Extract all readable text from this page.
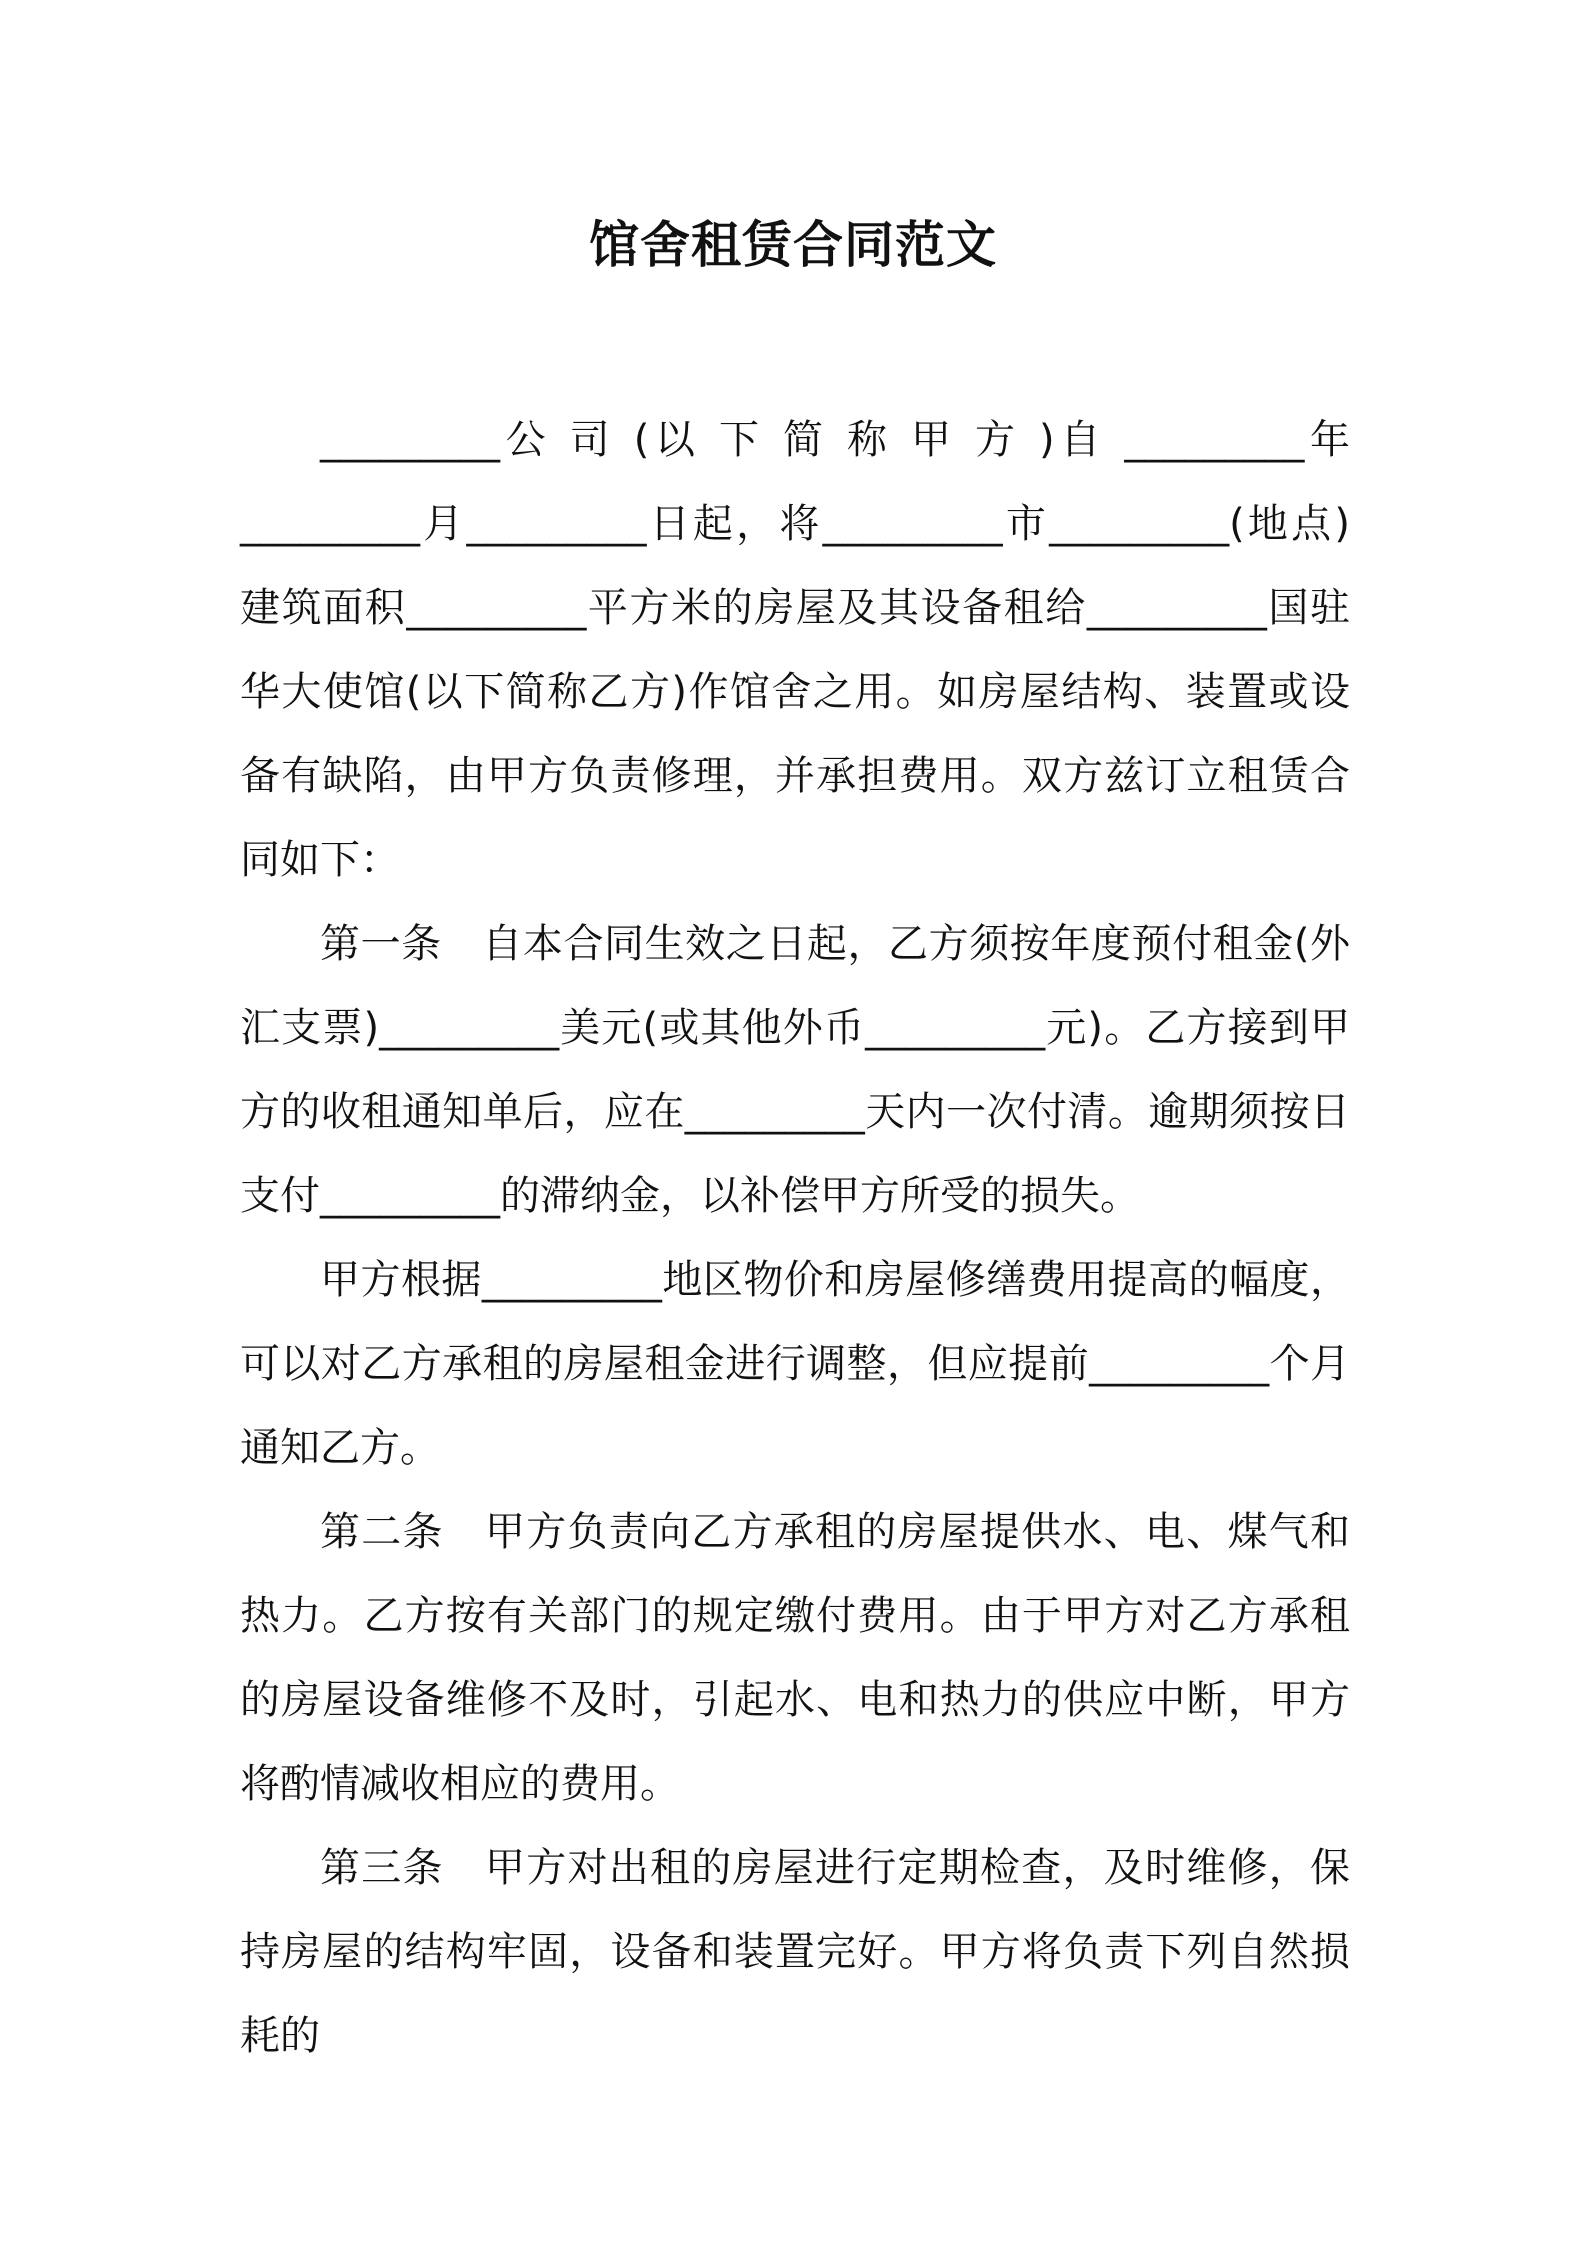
馆舍租赁合同范文

_________公 司 (以 下 简 称 甲 方 )自 _________年_________月_________日起，将_________市_________(地点)建筑面积_________平方米的房屋及其设备租给_________国驻华大使馆(以下简称乙方)作馆舍之用。如房屋结构、装置或设备有缺陷，由甲方负责修理，并承担费用。双方兹订立租赁合同如下：

第一条　自本合同生效之日起，乙方须按年度预付租金(外汇支票)_________美元(或其他外币_________元)。乙方接到甲方的收租通知单后，应在_________天内一次付清。逾期须按日支付_________的滞纳金，以补偿甲方所受的损失。

甲方根据_________地区物价和房屋修缮费用提高的幅度，可以对乙方承租的房屋租金进行调整，但应提前_________个月通知乙方。

第二条　甲方负责向乙方承租的房屋提供水、电、煤气和热力。乙方按有关部门的规定缴付费用。由于甲方对乙方承租的房屋设备维修不及时，引起水、电和热力的供应中断，甲方将酌情减收相应的费用。

第三条　甲方对出租的房屋进行定期检查，及时维修，保持房屋的结构牢固，设备和装置完好。甲方将负责下列自然损耗的
